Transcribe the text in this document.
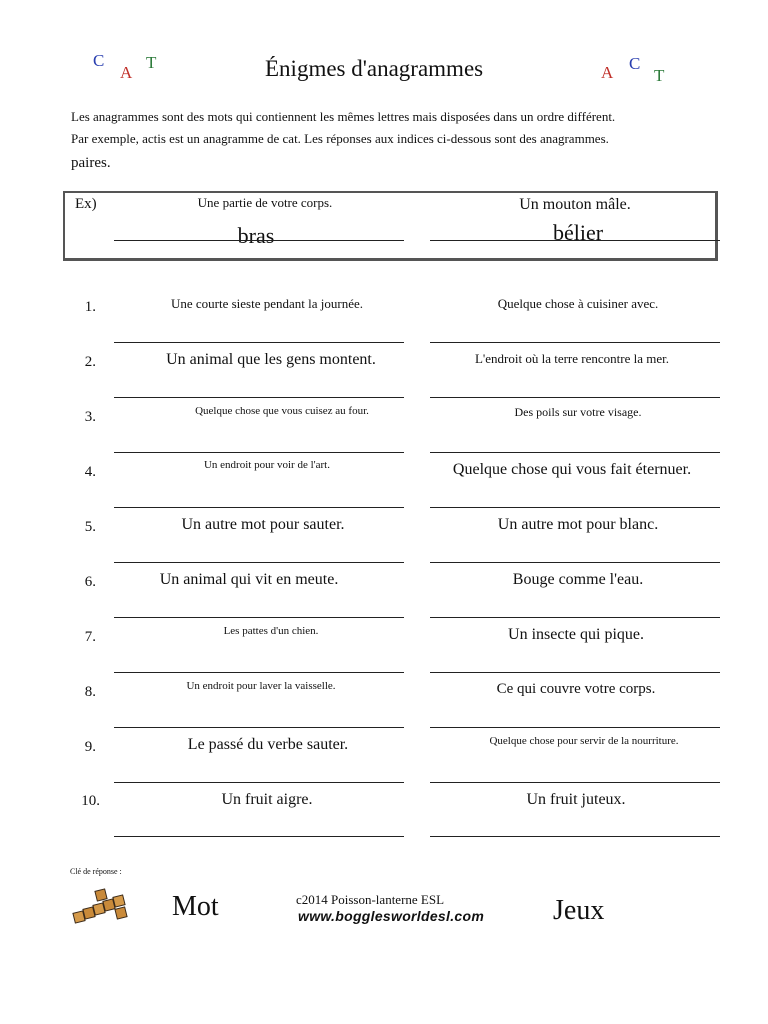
C
A
T	Énigmes d'anagrammes	A C
T
Les anagrammes sont des mots qui contiennent les mêmes lettres mais disposées dans un ordre différent.
Par exemple, actis est un anagramme de cat. Les réponses aux indices ci-dessous sont des anagrammes.
paires.
Ex)	Une partie de votre corps.	Un mouton mâle.
bras	bélier
1.	Une courte sieste pendant la journée.	Quelque chose à cuisiner avec.
2.	Un animal que les gens montent.	L'endroit où la terre rencontre la mer.
3.	Quelque chose que vous cuisez au four.	Des poils sur votre visage.
4.	Un endroit pour voir de l'art.	Quelque chose qui vous fait éternuer.
5.	Un autre mot pour sauter.	Un autre mot pour blanc.
6.	Un animal qui vit en meute.	Bouge comme l'eau.
7.	Les pattes d'un chien.	Un insecte qui pique.
8.	Un endroit pour laver la vaisselle.	Ce qui couvre votre corps.
9.	Le passé du verbe sauter.	Quelque chose pour servir de la nourriture.
10.	Un fruit aigre.	Un fruit juteux.
Clé de réponse :
Mot	c2014 Poisson-lanterne ESL
www.bogglesworldesl.com Jeux
